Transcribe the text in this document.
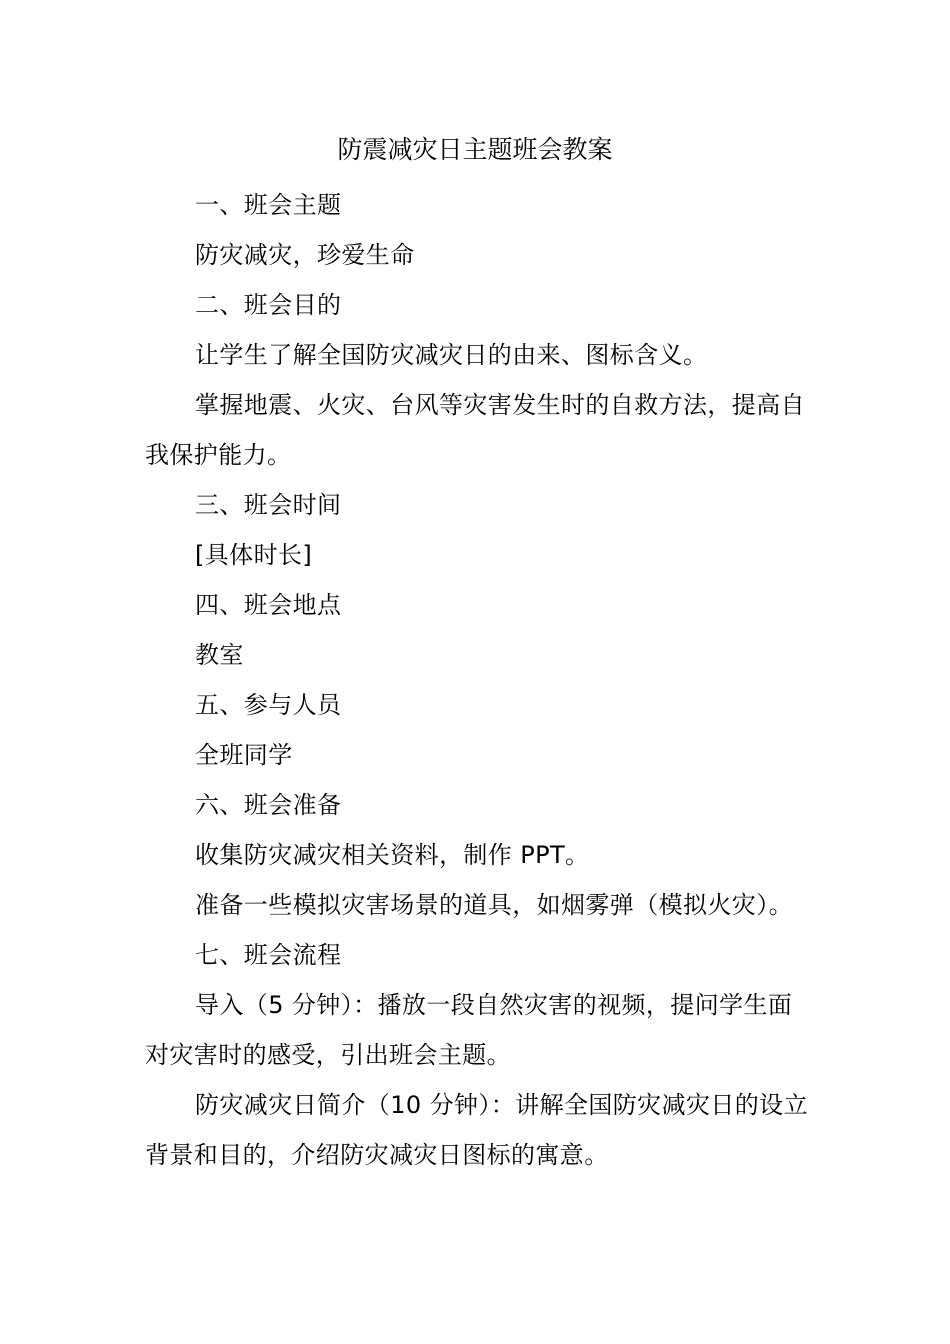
防震减灾日主题班会教案

一、班会主题

防灾减灾，珍爱生命

二、班会目的

让学生了解全国防灾减灾日的由来、图标含义。

掌握地震、火灾、台风等灾害发生时的自救方法，提高自我保护能力。

三、班会时间

[具体时长]

四、班会地点

教室

五、参与人员

全班同学

六、班会准备

收集防灾减灾相关资料，制作 PPT。

准备一些模拟灾害场景的道具，如烟雾弹（模拟火灾）。

七、班会流程

导入（5 分钟）：播放一段自然灾害的视频，提问学生面对灾害时的感受，引出班会主题。

防灾减灾日简介（10 分钟）：讲解全国防灾减灾日的设立背景和目的，介绍防灾减灾日图标的寓意。
